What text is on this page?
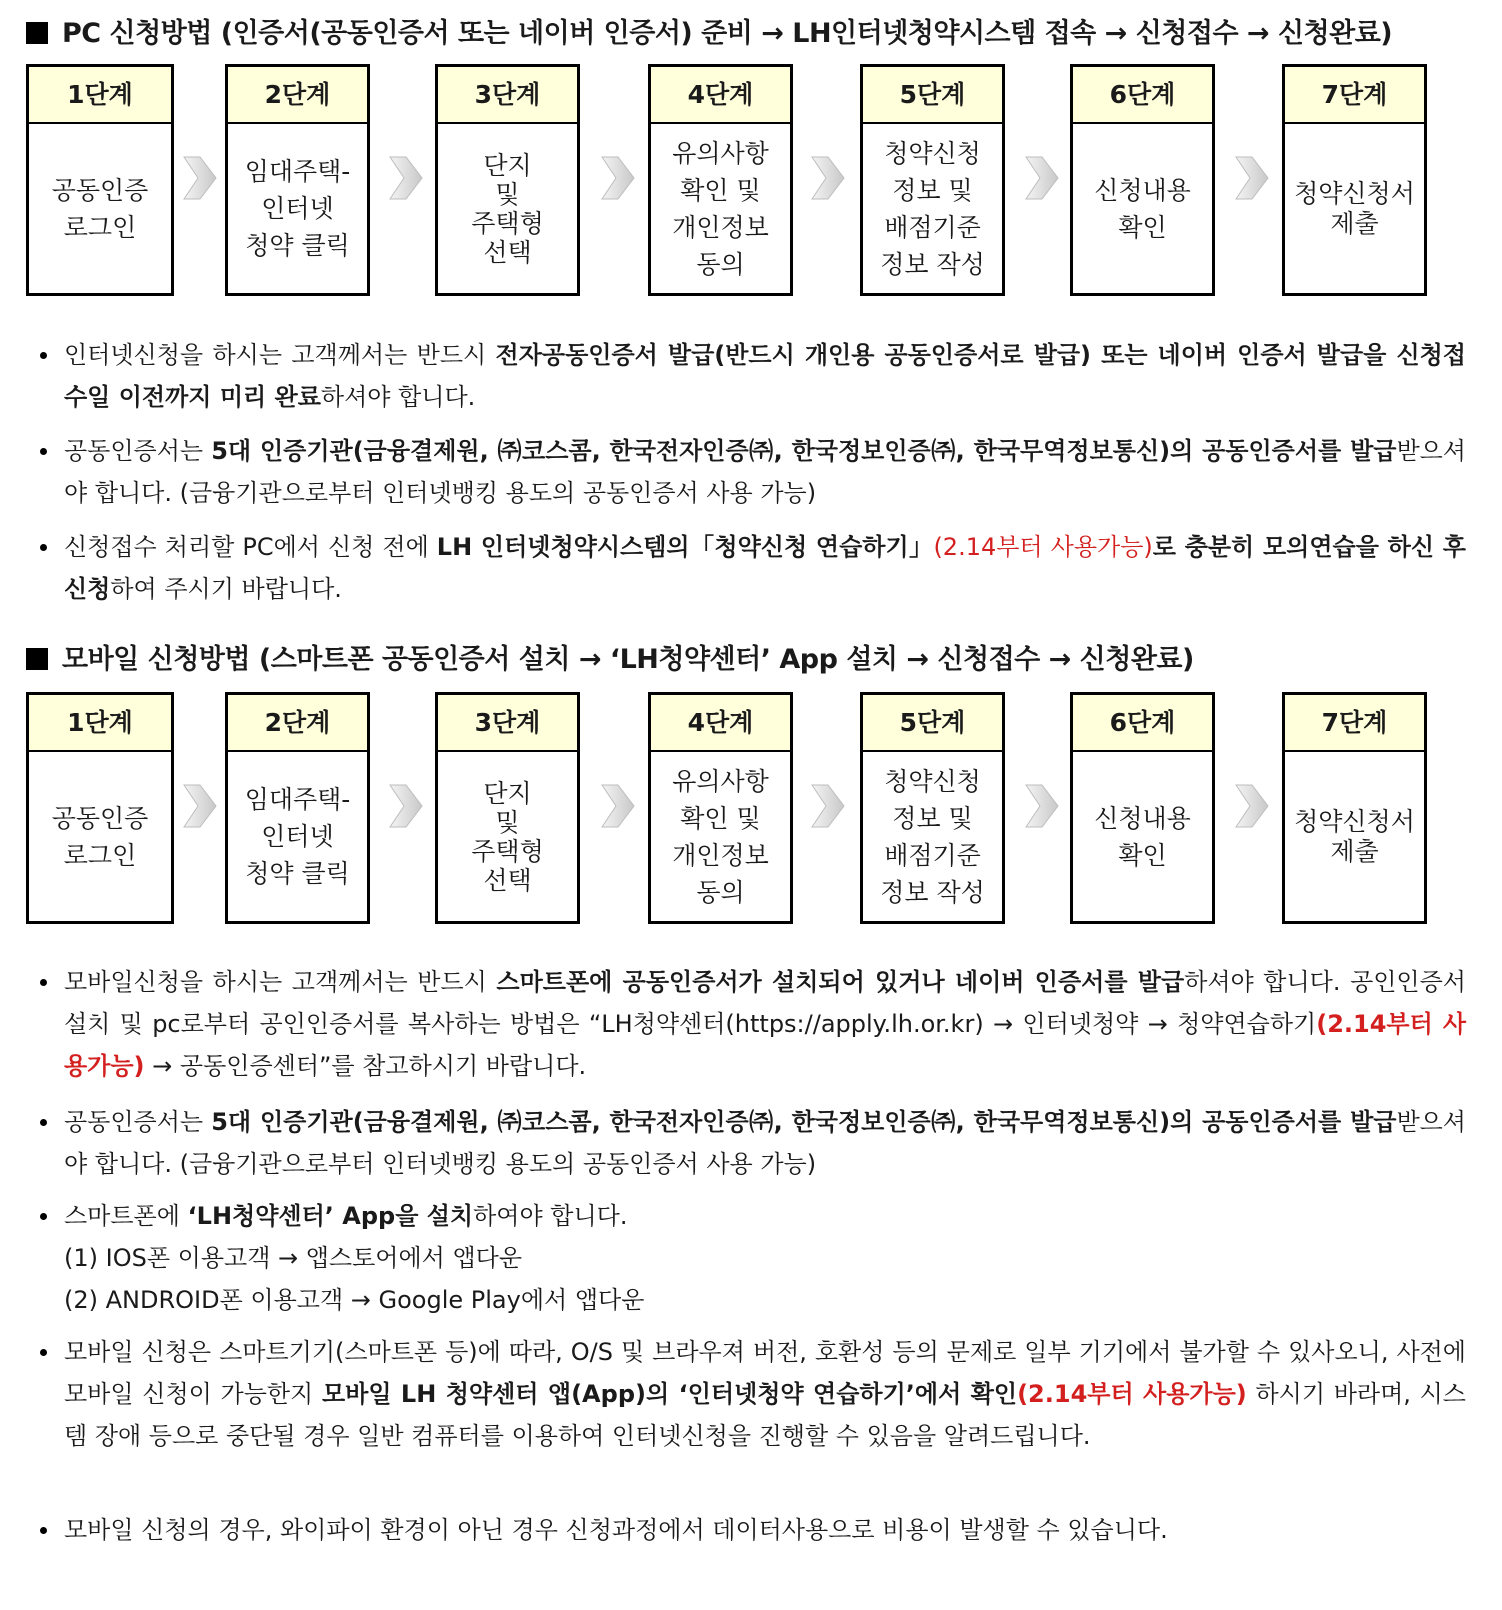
PC 신청방법 (인증서(공동인증서 또는 네이버 인증서) 준비 → LH인터넷청약시스템 접속 → 신청접수 → 신청완료)
1단계
공동인증
로그인
2단계
임대주택-
인터넷
청약 클릭
3단계
단지
및
주택형
선택
4단계
유의사항
확인 및
개인정보
동의
5단계
청약신청
정보 및
배점기준
정보 작성
6단계
신청내용
확인
7단계
청약신청서
제출
인터넷신청을 하시는 고객께서는 반드시 전자공동인증서 발급(반드시 개인용 공동인증서로 발급) 또는 네이버 인증서 발급을 신청접수일 이전까지 미리 완료하셔야 합니다.
공동인증서는 5대 인증기관(금융결제원, ㈜코스콤, 한국전자인증㈜, 한국정보인증㈜, 한국무역정보통신)의 공동인증서를 발급받으셔야 합니다. (금융기관으로부터 인터넷뱅킹 용도의 공동인증서 사용 가능)
신청접수 처리할 PC에서 신청 전에 LH 인터넷청약시스템의「청약신청 연습하기」(2.14부터 사용가능)로 충분히 모의연습을 하신 후 신청하여 주시기 바랍니다.
모바일 신청방법 (스마트폰 공동인증서 설치 → ‘LH청약센터’ App 설치 → 신청접수 → 신청완료)
1단계
공동인증
로그인
2단계
임대주택-
인터넷
청약 클릭
3단계
단지
및
주택형
선택
4단계
유의사항
확인 및
개인정보
동의
5단계
청약신청
정보 및
배점기준
정보 작성
6단계
신청내용
확인
7단계
청약신청서
제출
모바일신청을 하시는 고객께서는 반드시 스마트폰에 공동인증서가 설치되어 있거나 네이버 인증서를 발급하셔야 합니다. 공인인증서 설치 및 pc로부터 공인인증서를 복사하는 방법은 “LH청약센터(https://apply.lh.or.kr) → 인터넷청약 → 청약연습하기(2.14부터 사용가능) → 공동인증센터”를 참고하시기 바랍니다.
공동인증서는 5대 인증기관(금융결제원, ㈜코스콤, 한국전자인증㈜, 한국정보인증㈜, 한국무역정보통신)의 공동인증서를 발급받으셔야 합니다. (금융기관으로부터 인터넷뱅킹 용도의 공동인증서 사용 가능)
스마트폰에 ‘LH청약센터’ App을 설치하여야 합니다.
(1) IOS폰 이용고객 → 앱스토어에서 앱다운
(2) ANDROID폰 이용고객 → Google Play에서 앱다운
모바일 신청은 스마트기기(스마트폰 등)에 따라, O/S 및 브라우져 버전, 호환성 등의 문제로 일부 기기에서 불가할 수 있사오니, 사전에 모바일 신청이 가능한지 모바일 LH 청약센터 앱(App)의 ‘인터넷청약 연습하기’에서 확인(2.14부터 사용가능) 하시기 바라며, 시스템 장애 등으로 중단될 경우 일반 컴퓨터를 이용하여 인터넷신청을 진행할 수 있음을 알려드립니다.
모바일 신청의 경우, 와이파이 환경이 아닌 경우 신청과정에서 데이터사용으로 비용이 발생할 수 있습니다.
